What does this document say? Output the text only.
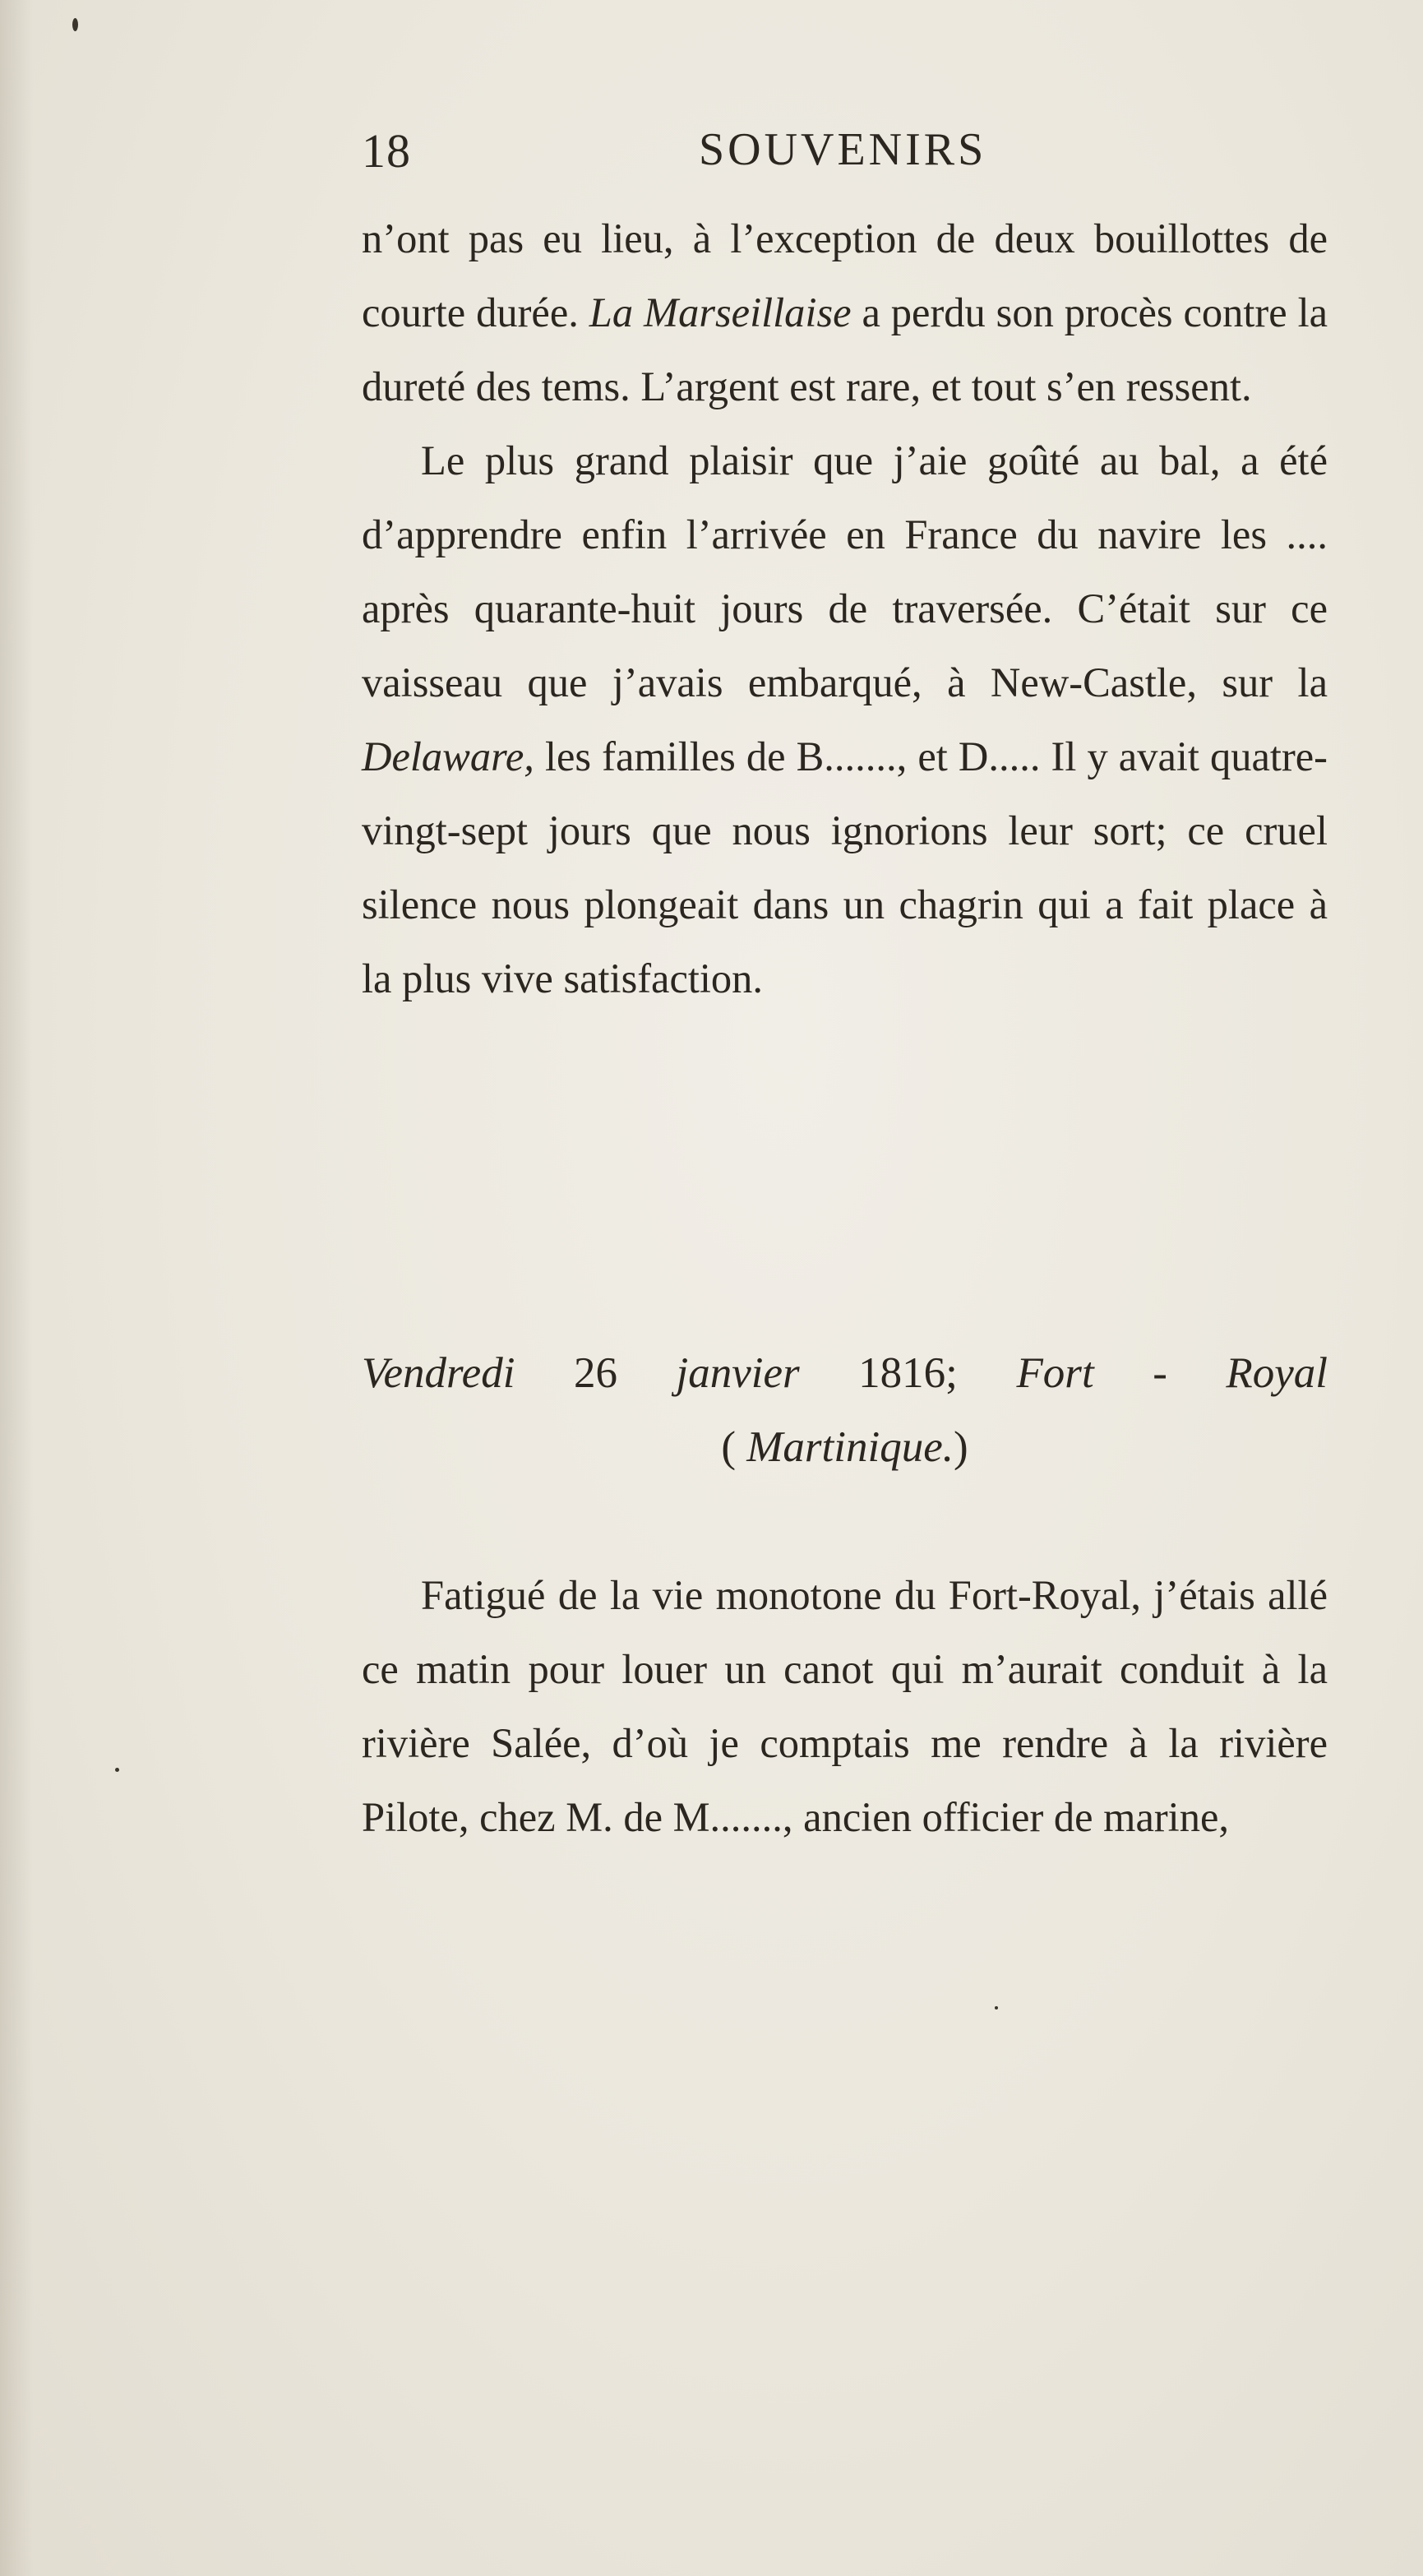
18	SOUVENIRS

n’ont pas eu lieu, à l’exception de deux bouillottes de courte durée. La Marseillaise a perdu son procès contre la dureté des tems. L’argent est rare, et tout s’en ressent.

Le plus grand plaisir que j’aie goûté au bal, a été d’apprendre enfin l’arrivée en France du navire les .... après quarante-huit jours de traversée. C’était sur ce vaisseau que j’avais embarqué, à New-Castle, sur la Delaware, les familles de B......., et D..... Il y avait quatre-vingt-sept jours que nous ignorions leur sort; ce cruel silence nous plongeait dans un chagrin qui a fait place à la plus vive satisfaction.

Vendredi 26 janvier 1816; Fort - Royal
( Martinique.)

Fatigué de la vie monotone du Fort-Royal, j’étais allé ce matin pour louer un canot qui m’aurait conduit à la rivière Salée, d’où je comptais me rendre à la rivière Pilote, chez M. de M......., ancien officier de marine,
